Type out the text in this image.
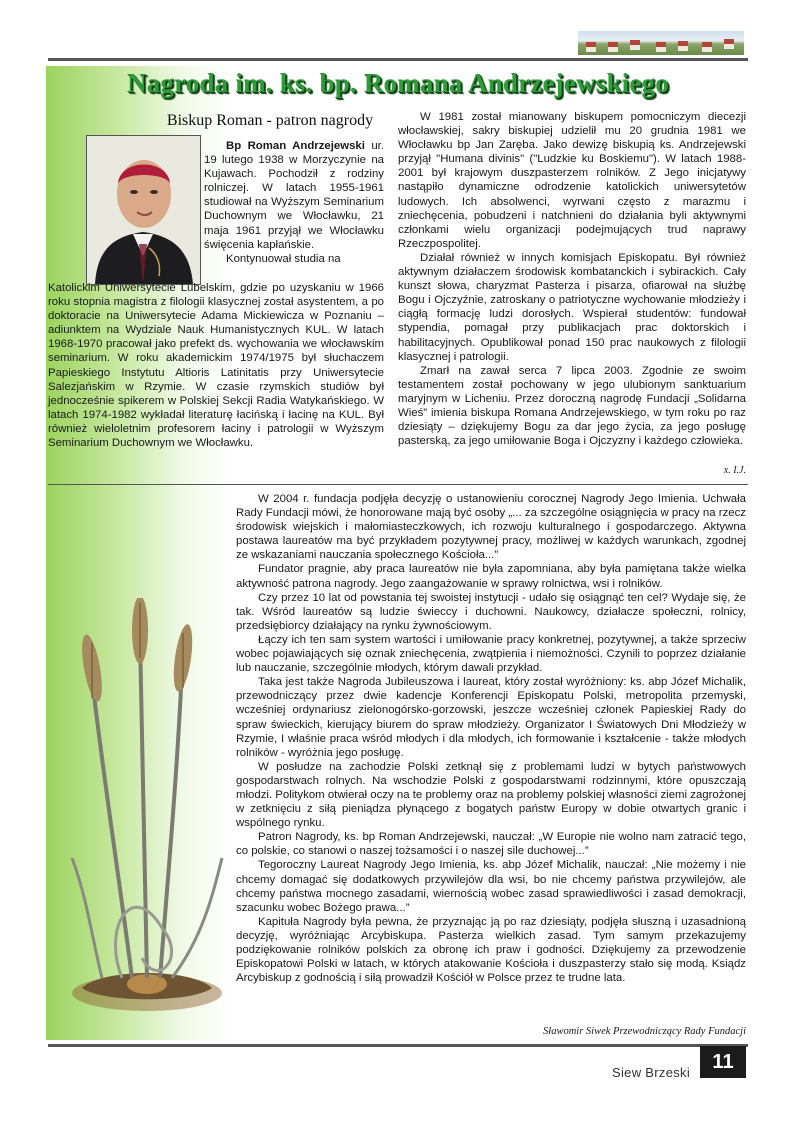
Nagroda im. ks. bp. Romana Andrzejewskiego
Biskup Roman - patron nagrody

Bp Roman Andrzejewski ur. 19 lutego 1938 w Morzyczynie na Kujawach. Pochodził z rodziny rolniczej. W latach 1955-1961 studiował na Wyższym Seminarium Duchownym we Włocławku, 21 maja 1961 przyjął we Włocławku święcenia kapłańskie.

Kontynuował studia na

Katolickim Uniwersytecie Lubelskim, gdzie po uzyskaniu w 1966 roku stopnia magistra z filologii klasycznej został asystentem, a po doktoracie na Uniwersytecie Adama Mickiewicza w Poznaniu – adiunktem na Wydziale Nauk Humanistycznych KUL. W latach 1968-1970 pracował jako prefekt ds. wychowania we włocławskim seminarium. W roku akademickim 1974/1975 był słuchaczem Papieskiego Instytutu Altioris Latinitatis przy Uniwersytecie Salezjańskim w Rzymie. W czasie rzymskich studiów był jednocześnie spikerem w Polskiej Sekcji Radia Watykańskiego. W latach 1974-1982 wykładał literaturę łacińską i łacinę na KUL. Był również wieloletnim profesorem łaciny i patrologii w Wyższym Seminarium Duchownym we Włocławku.

W 1981 został mianowany biskupem pomocniczym diecezji włocławskiej, sakry biskupiej udzielił mu 20 grudnia 1981 we Włocławku bp Jan Zaręba. Jako dewizę biskupią ks. Andrzejewski przyjął "Humana divinis" ("Ludzkie ku Boskiemu"). W latach 1988-2001 był krajowym duszpasterzem rolników. Z Jego inicjatywy nastąpiło dynamiczne odrodzenie katolickich uniwersytetów ludowych. Ich absolwenci, wyrwani często z marazmu i zniechęcenia, pobudzeni i natchnieni do działania byli aktywnymi członkami wielu organizacji podejmujących trud naprawy Rzeczpospolitej.

Działał również w innych komisjach Episkopatu. Był również aktywnym działaczem środowisk kombatanckich i sybirackich. Cały kunszt słowa, charyzmat Pasterza i pisarza, ofiarował na służbę Bogu i Ojczyźnie, zatroskany o patriotyczne wychowanie młodzieży i ciągłą formację ludzi dorosłych. Wspierał studentów: fundował stypendia, pomagał przy publikacjach prac doktorskich i habilitacyjnych. Opublikował ponad 150 prac naukowych z filologii klasycznej i patrologii.

Zmarł na zawał serca 7 lipca 2003. Zgodnie ze swoim testamentem został pochowany w jego ulubionym sanktuarium maryjnym w Licheniu. Przez doroczną nagrodę Fundacji „Solidarna Wieś” imienia biskupa Romana Andrzejewskiego, w tym roku po raz dziesiąty – dziękujemy Bogu za dar jego życia, za jego posługę pasterską, za jego umiłowanie Boga i Ojczyzny i każdego człowieka.

x. I.J.

W 2004 r. fundacja podjęła decyzję o ustanowieniu corocznej Nagrody Jego Imienia. Uchwała Rady Fundacji mówi, że honorowane mają być osoby „... za szczególne osiągnięcia w pracy na rzecz środowisk wiejskich i małomiasteczkowych, ich rozwoju kulturalnego i gospodarczego. Aktywna postawa laureatów ma być przykładem pozytywnej pracy, możliwej w każdych warunkach, zgodnej ze wskazaniami nauczania społecznego Kościoła...”

Fundator pragnie, aby praca laureatów nie była zapomniana, aby była pamiętana także wielka aktywność patrona nagrody. Jego zaangażowanie w sprawy rolnictwa, wsi i rolników.

Czy przez 10 lat od powstania tej swoistej instytucji - udało się osiągnąć ten cel? Wydaje się, że tak. Wśród laureatów są ludzie świeccy i duchowni. Naukowcy, działacze społeczni, rolnicy, przedsiębiorcy działający na rynku żywnościowym.

Łączy ich ten sam system wartości i umiłowanie pracy konkretnej, pozytywnej, a także sprzeciw wobec pojawiających się oznak zniechęcenia, zwątpienia i niemożności. Czynili to poprzez działanie lub nauczanie, szczególnie młodych, którym dawali przykład.

Taka jest także Nagroda Jubileuszowa i laureat, który został wyróżniony: ks. abp Józef Michalik, przewodniczący przez dwie kadencje Konferencji Episkopatu Polski, metropolita przemyski, wcześniej ordynariusz zielonogórsko-gorzowski, jeszcze wcześniej członek Papieskiej Rady do spraw świeckich, kierujący biurem do spraw młodzieży. Organizator I Światowych Dni Młodzieży w Rzymie, I właśnie praca wśród młodych i dla młodych, ich formowanie i kształcenie - także młodych rolników - wyróżnia jego posługę.

W posłudze na zachodzie Polski zetknął się z problemami ludzi w bytych państwowych gospodarstwach rolnych. Na wschodzie Polski z gospodarstwami rodzinnymi, które opuszczają młodzi. Politykom otwierał oczy na te problemy oraz na problemy polskiej własności ziemi zagrożonej w zetknięciu z siłą pieniądza płynącego z bogatych państw Europy w dobie otwartych granic i wspólnego rynku.

Patron Nagrody, ks. bp Roman Andrzejewski, nauczał: „W Europie nie wolno nam zatracić tego, co polskie, co stanowi o naszej tożsamości i o naszej sile duchowej...”

Tegoroczny Laureat Nagrody Jego Imienia, ks. abp Józef Michalik, nauczał: „Nie możemy i nie chcemy domagać się dodatkowych przywilejów dla wsi, bo nie chcemy państwa przywilejów, ale chcemy państwa mocnego zasadami, wiernością wobec zasad sprawiedliwości i zasad demokracji, szacunku wobec Bożego prawa...”

Kapituła Nagrody była pewna, że przyznając ją po raz dziesiąty, podjęła słuszną i uzasadnioną decyzję, wyróżniając Arcybiskupa. Pasterza wielkich zasad. Tym samym przekazujemy podziękowanie rolników polskich za obronę ich praw i godności. Dziękujemy za przewodzenie Episkopatowi Polski w latach, w których atakowanie Kościoła i duszpasterzy stało się modą. Ksiądz Arcybiskup z godnością i siłą prowadził Kościół w Polsce przez te trudne lata.

Sławomir Siwek Przewodniczący Rady Fundacji
Siew Brzeski	11
